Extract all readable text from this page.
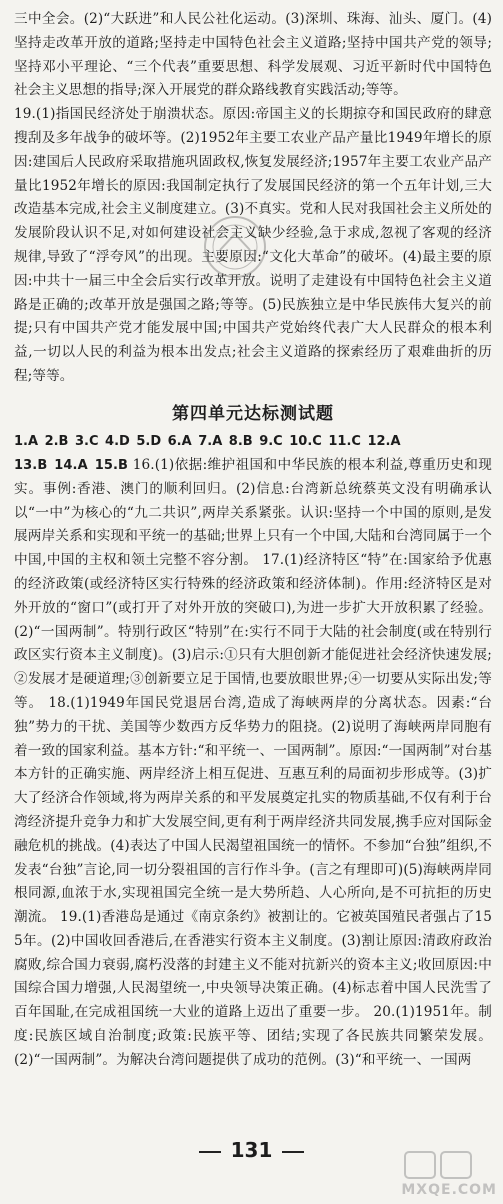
三中全会。(2)“大跃进”和人民公社化运动。(3)深圳、珠海、汕头、厦门。(4)坚持走改革开放的道路;坚持走中国特色社会主义道路;坚持中国共产党的领导;坚持邓小平理论、“三个代表”重要思想、科学发展观、习近平新时代中国特色社会主义思想的指导;深入开展党的群众路线教育实践活动;等等。

19.(1)指国民经济处于崩溃状态。原因:帝国主义的长期掠夺和国民政府的肆意搜刮及多年战争的破坏等。(2)1952年主要工农业产品产量比1949年增长的原因:建国后人民政府采取措施巩固政权,恢复发展经济;1957年主要工农业产品产量比1952年增长的原因:我国制定执行了发展国民经济的第一个五年计划,三大改造基本完成,社会主义制度建立。(3)不真实。党和人民对我国社会主义所处的发展阶段认识不足,对如何建设社会主义缺少经验,急于求成,忽视了客观的经济规律,导致了“浮夸风”的出现。主要原因:“文化大革命”的破坏。(4)最主要的原因:中共十一届三中全会后实行改革开放。说明了走建设有中国特色社会主义道路是正确的;改革开放是强国之路;等等。(5)民族独立是中华民族伟大复兴的前提;只有中国共产党才能发展中国;中国共产党始终代表广大人民群众的根本利益,一切以人民的利益为根本出发点;社会主义道路的探索经历了艰难曲折的历程;等等。

第四单元达标测试题

1.A 2.B 3.C 4.D 5.D 6.A 7.A 8.B 9.C 10.C 11.C 12.A

13.B 14.A 15.B 16.(1)依据:维护祖国和中华民族的根本利益,尊重历史和现实。事例:香港、澳门的顺利回归。(2)信息:台湾新总统蔡英文没有明确承认以“一中”为核心的“九二共识”,两岸关系紧张。认识:坚持一个中国的原则,是发展两岸关系和实现和平统一的基础;世界上只有一个中国,大陆和台湾同属于一个中国,中国的主权和领土完整不容分割。 17.(1)经济特区“特”在:国家给予优惠的经济政策(或经济特区实行特殊的经济政策和经济体制)。作用:经济特区是对外开放的“窗口”(或打开了对外开放的突破口),为进一步扩大开放积累了经验。(2)“一国两制”。特别行政区“特别”在:实行不同于大陆的社会制度(或在特别行政区实行资本主义制度)。(3)启示:①只有大胆创新才能促进社会经济快速发展;②发展才是硬道理;③创新要立足于国情,也要放眼世界;④一切要从实际出发;等等。 18.(1)1949年国民党退居台湾,造成了海峡两岸的分离状态。因素:“台独”势力的干扰、美国等少数西方反华势力的阻挠。(2)说明了海峡两岸同胞有着一致的国家利益。基本方针:“和平统一、一国两制”。原因:“一国两制”对台基本方针的正确实施、两岸经济上相互促进、互惠互利的局面初步形成等。(3)扩大了经济合作领域,将为两岸关系的和平发展奠定扎实的物质基础,不仅有利于台湾经济提升竞争力和扩大发展空间,更有利于两岸经济共同发展,携手应对国际金融危机的挑战。(4)表达了中国人民渴望祖国统一的情怀。不参加“台独”组织,不发表“台独”言论,同一切分裂祖国的言行作斗争。(言之有理即可)(5)海峡两岸同根同源,血浓于水,实现祖国完全统一是大势所趋、人心所向,是不可抗拒的历史潮流。 19.(1)香港岛是通过《南京条约》被割让的。它被英国殖民者强占了155年。(2)中国收回香港后,在香港实行资本主义制度。(3)割让原因:清政府政治腐败,综合国力衰弱,腐朽没落的封建主义不能对抗新兴的资本主义;收回原因:中国综合国力增强,人民渴望统一,中央领导决策正确。(4)标志着中国人民洗雪了百年国耻,在完成祖国统一大业的道路上迈出了重要一步。 20.(1)1951年。制度:民族区域自治制度;政策:民族平等、团结;实现了各民族共同繁荣发展。(2)“一国两制”。为解决台湾问题提供了成功的范例。(3)“和平统一、一国两

131
MXQE.COM
